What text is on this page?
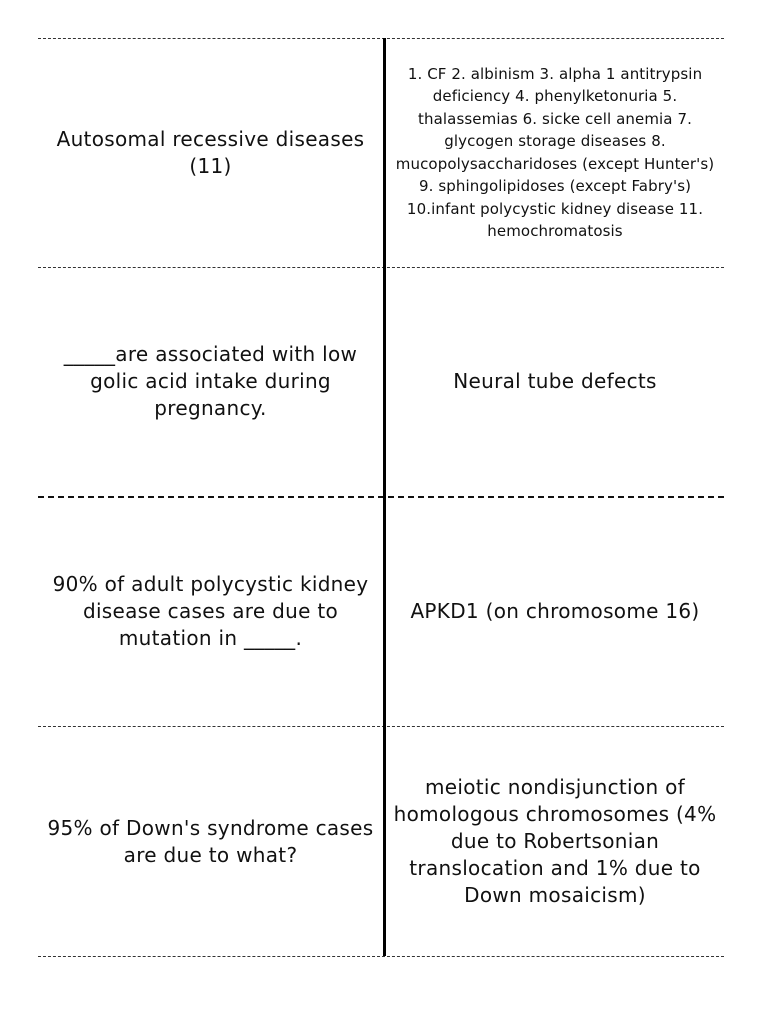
Autosomal recessive diseases (11)
1. CF 2. albinism 3. alpha 1 antitrypsin deficiency 4. phenylketonuria 5. thalassemias 6. sicke cell anemia 7. glycogen storage diseases 8. mucopolysaccharidoses (except Hunter's) 9. sphingolipidoses (except Fabry's) 10.infant polycystic kidney disease 11. hemochromatosis
_____are associated with low golic acid intake during pregnancy.
Neural tube defects
90% of adult polycystic kidney disease cases are due to mutation in _____.
APKD1 (on chromosome 16)
95% of Down's syndrome cases are due to what?
meiotic nondisjunction of homologous chromosomes (4% due to Robertsonian translocation and 1% due to Down mosaicism)
